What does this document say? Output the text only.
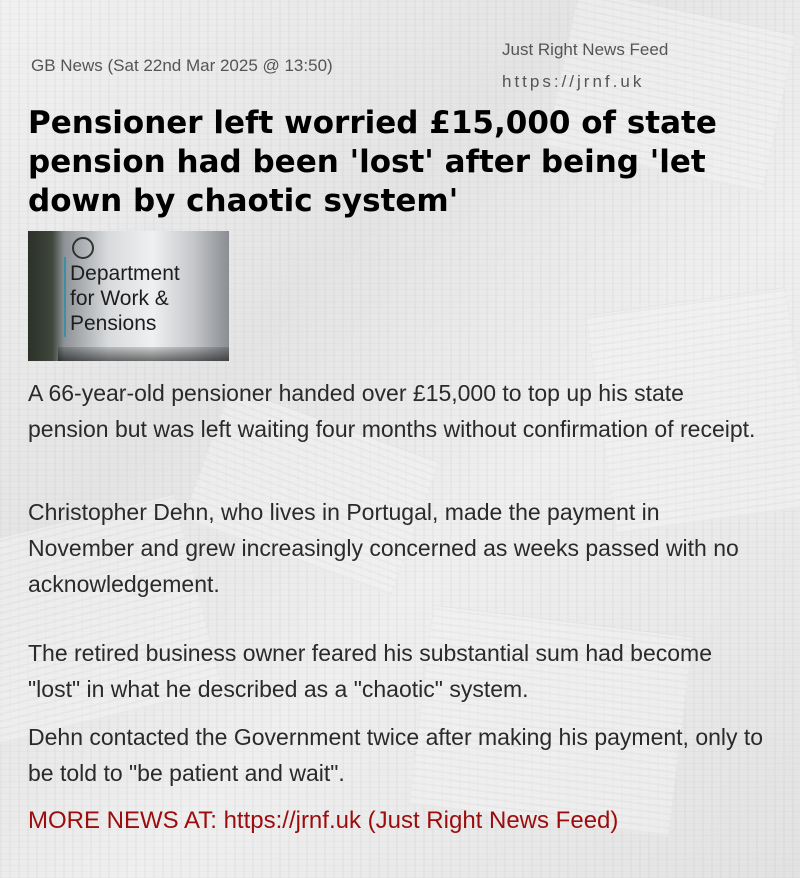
GB News (Sat 22nd Mar 2025 @ 13:50)
Just Right News Feed
https://jrnf.uk
Pensioner left worried £15,000 of state pension had been 'lost' after being 'let down by chaotic system'
Department
for Work &
Pensions

A 66-year-old pensioner handed over £15,000 to top up his state pension but was left waiting four months without confirmation of receipt.

Christopher Dehn, who lives in Portugal, made the payment in November and grew increasingly concerned as weeks passed with no acknowledgement.

The retired business owner feared his substantial sum had become "lost" in what he described as a "chaotic" system.

Dehn contacted the Government twice after making his payment, only to be told to "be patient and wait".

MORE NEWS AT: https://jrnf.uk (Just Right News Feed)
